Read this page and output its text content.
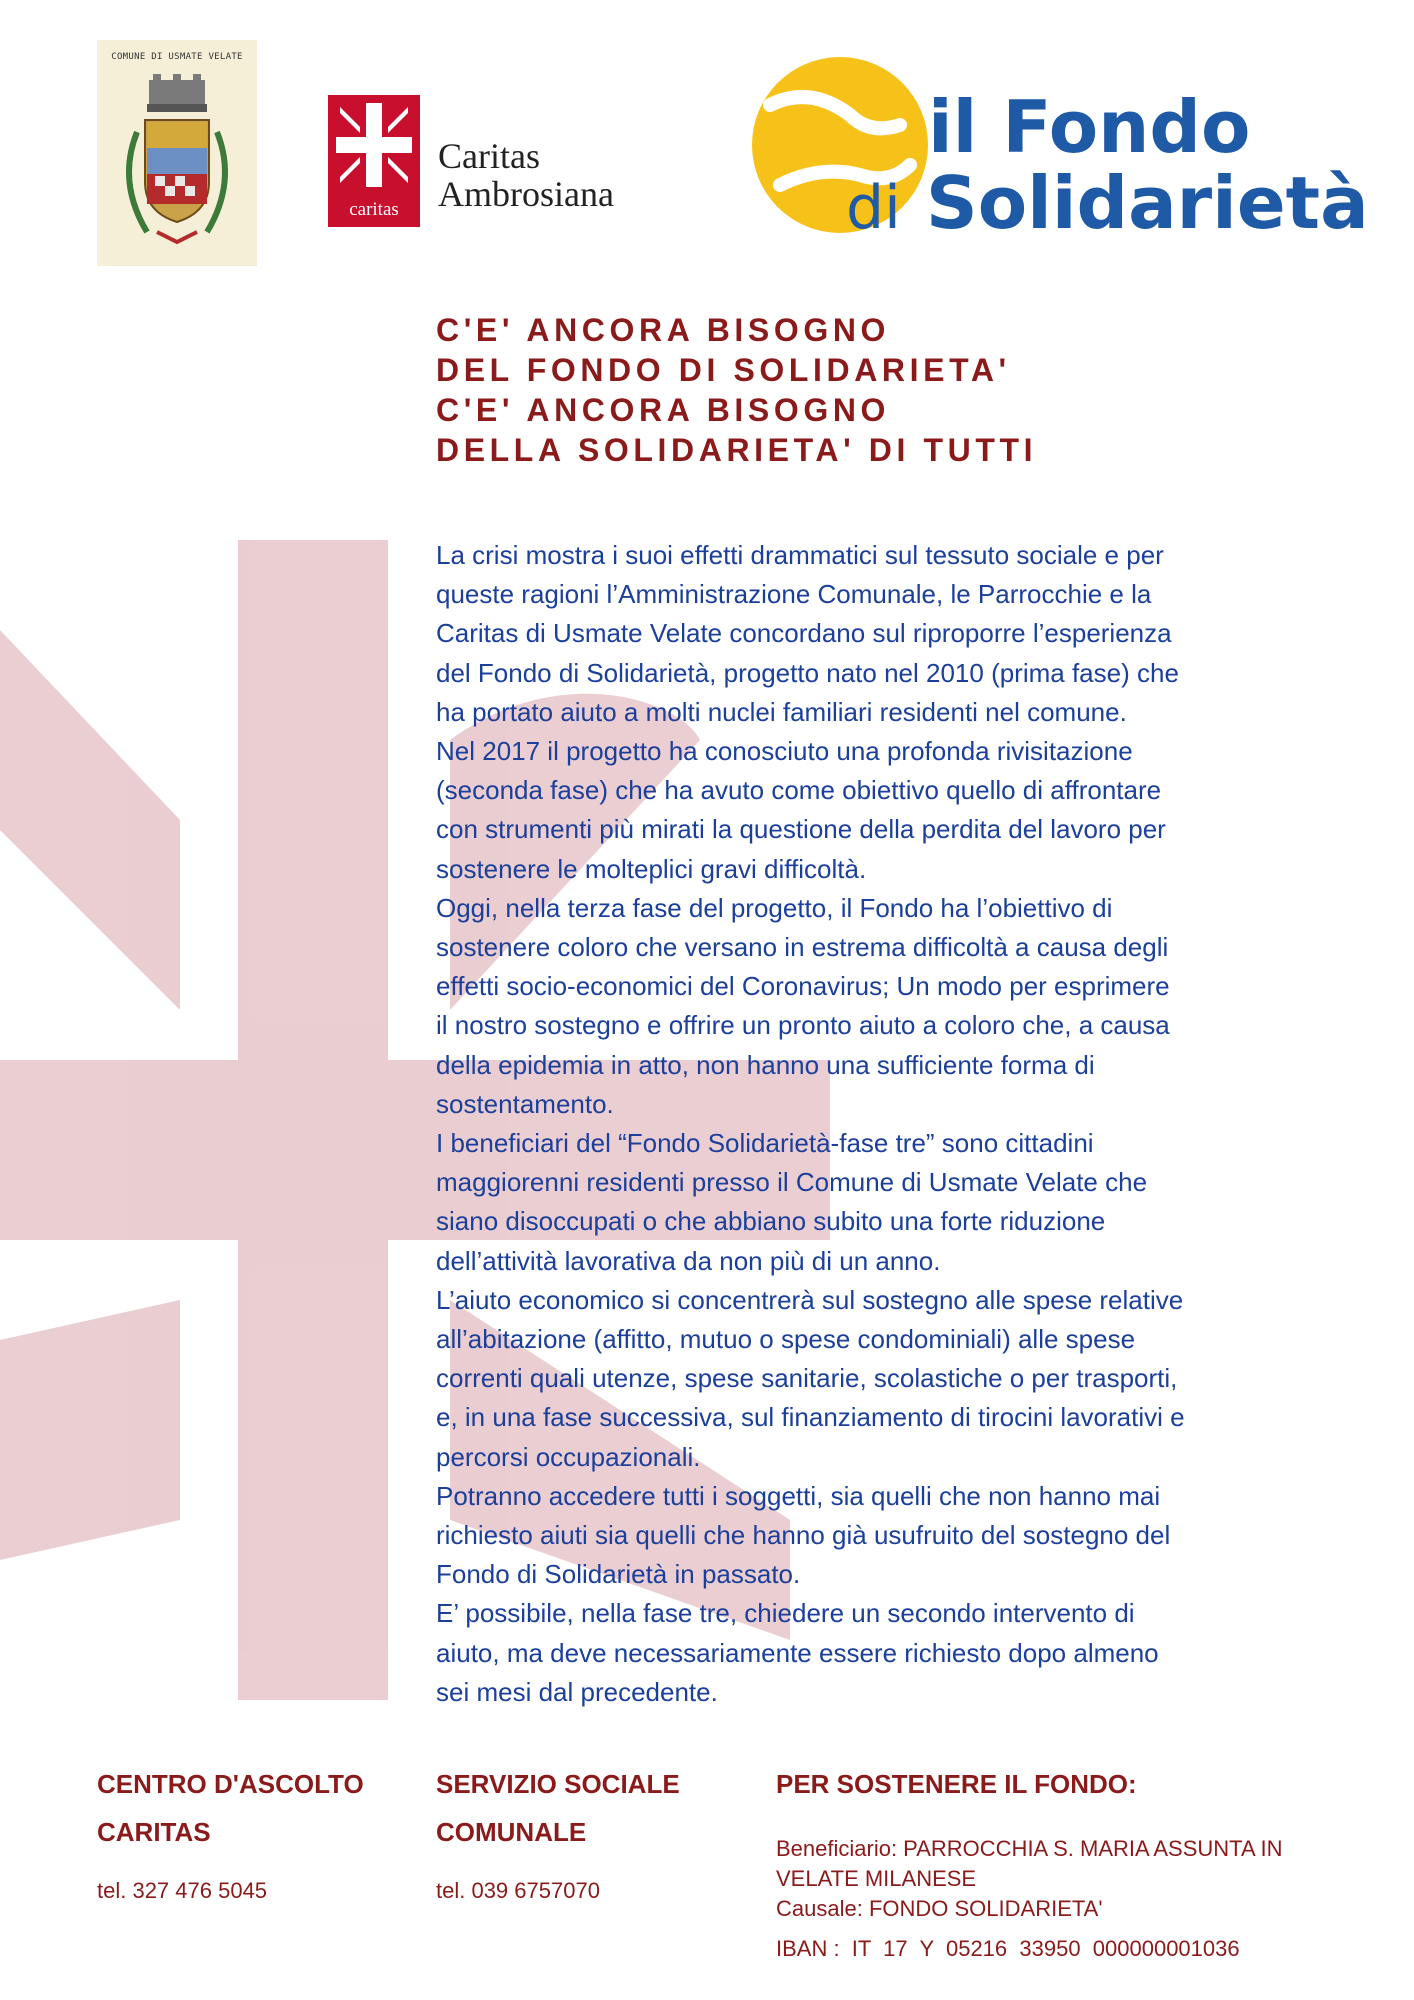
COMUNE DI USMATE VELATE
caritas
Caritas
Ambrosiana
il Fondo
di Solidarietà
C'E' ANCORA BISOGNO
DEL FONDO DI SOLIDARIETA'
C'E' ANCORA BISOGNO
DELLA SOLIDARIETA' DI TUTTI
La crisi mostra i suoi effetti drammatici sul tessuto sociale e per
queste ragioni l’Amministrazione Comunale, le Parrocchie e la
Caritas di Usmate Velate concordano sul riproporre l’esperienza
del Fondo di Solidarietà, progetto nato nel 2010 (prima fase) che
ha portato aiuto a molti nuclei familiari residenti nel comune.
Nel 2017 il progetto ha conosciuto una profonda rivisitazione
(seconda fase) che ha avuto come obiettivo quello di affrontare
con strumenti più mirati la questione della perdita del lavoro per
sostenere le molteplici gravi difficoltà.
Oggi, nella terza fase del progetto, il Fondo ha l’obiettivo di
sostenere coloro che versano in estrema difficoltà a causa degli
effetti socio-economici del Coronavirus; Un modo per esprimere
il nostro sostegno e offrire un pronto aiuto a coloro che, a causa
della epidemia in atto, non hanno una sufficiente forma di
sostentamento.
I beneficiari del “Fondo Solidarietà-fase tre” sono cittadini
maggiorenni residenti presso il Comune di Usmate Velate che
siano disoccupati o che abbiano subito una forte riduzione
dell’attività lavorativa da non più di un anno.
L’aiuto economico si concentrerà sul sostegno alle spese relative
all’abitazione (affitto, mutuo o spese condominiali) alle spese
correnti quali utenze, spese sanitarie, scolastiche o per trasporti,
e, in una fase successiva, sul finanziamento di tirocini lavorativi e
percorsi occupazionali.
Potranno accedere tutti i soggetti, sia quelli che non hanno mai
richiesto aiuti sia quelli che hanno già usufruito del sostegno del
Fondo di Solidarietà in passato.
E’ possibile, nella fase tre, chiedere un secondo intervento di
aiuto, ma deve necessariamente essere richiesto dopo almeno
sei mesi dal precedente.
CENTRO D'ASCOLTO
CARITAS
tel. 327 476 5045
SERVIZIO SOCIALE
COMUNALE
tel. 039 6757070
PER SOSTENERE IL FONDO:
Beneficiario: PARROCCHIA S. MARIA ASSUNTA IN
VELATE MILANESE
Causale: FONDO SOLIDARIETA'
IBAN :  IT  17  Y  05216  33950  000000001036
